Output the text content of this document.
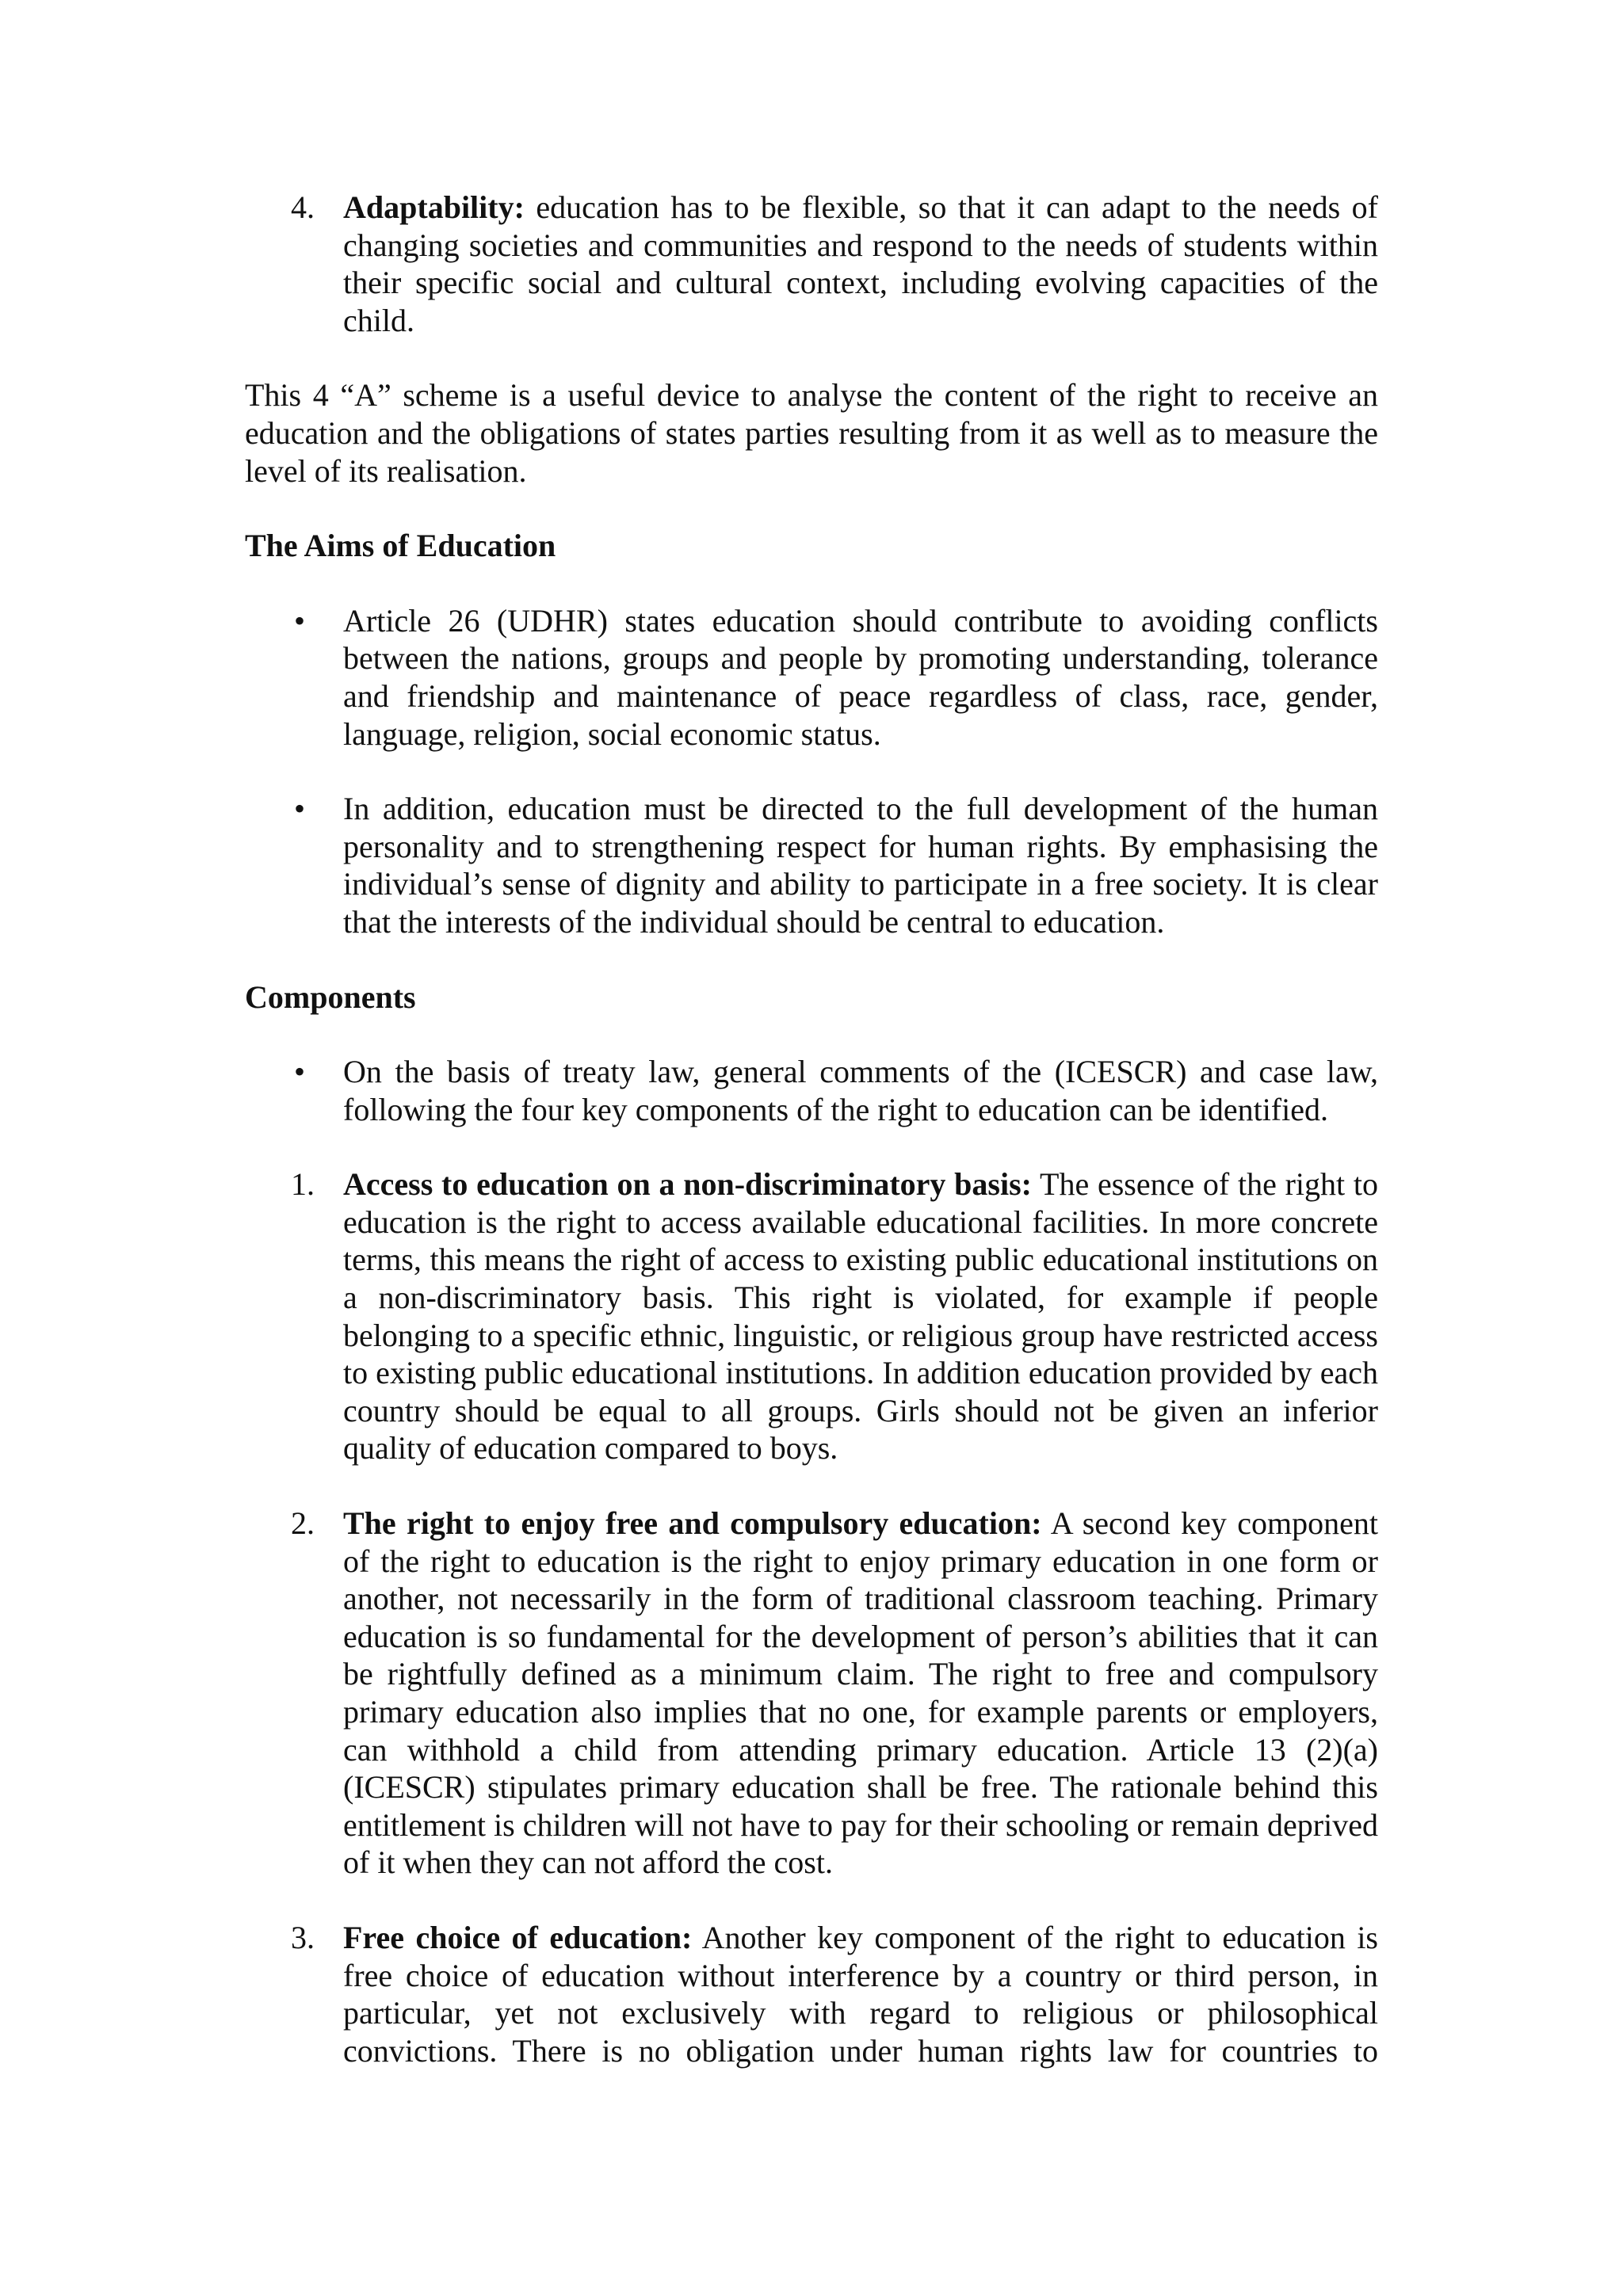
4. Adaptability: education has to be flexible, so that it can adapt to the needs of changing societies and communities and respond to the needs of students within their specific social and cultural context, including evolving capacities of the child.

This 4 “A” scheme is a useful device to analyse the content of the right to receive an education and the obligations of states parties resulting from it as well as to measure the level of its realisation.

The Aims of Education
• Article 26 (UDHR) states education should contribute to avoiding conflicts between the nations, groups and people by promoting understanding, tolerance and friendship and maintenance of peace regardless of class, race, gender, language, religion, social economic status.
• In addition, education must be directed to the full development of the human personality and to strengthening respect for human rights. By emphasising the individual’s sense of dignity and ability to participate in a free society. It is clear that the interests of the individual should be central to education.
Components
• On the basis of treaty law, general comments of the (ICESCR) and case law, following the four key components of the right to education can be identified.
1. Access to education on a non-discriminatory basis: The essence of the right to education is the right to access available educational facilities. In more concrete terms, this means the right of access to existing public educational institutions on a non-discriminatory basis. This right is violated, for example if people belonging to a specific ethnic, linguistic, or religious group have restricted access to existing public educational institutions. In addition education provided by each country should be equal to all groups. Girls should not be given an inferior quality of education compared to boys.
2. The right to enjoy free and compulsory education: A second key component of the right to education is the right to enjoy primary education in one form or another, not necessarily in the form of traditional classroom teaching. Primary education is so fundamental for the development of person’s abilities that it can be rightfully defined as a minimum claim. The right to free and compulsory primary education also implies that no one, for example parents or employers, can withhold a child from attending primary education. Article 13 (2)(a) (ICESCR) stipulates primary education shall be free. The rationale behind this entitlement is children will not have to pay for their schooling or remain deprived of it when they can not afford the cost.
3. Free choice of education: Another key component of the right to education is free choice of education without interference by a country or third person, in particular, yet not exclusively with regard to religious or philosophical convictions. There is no obligation under human rights law for countries to
